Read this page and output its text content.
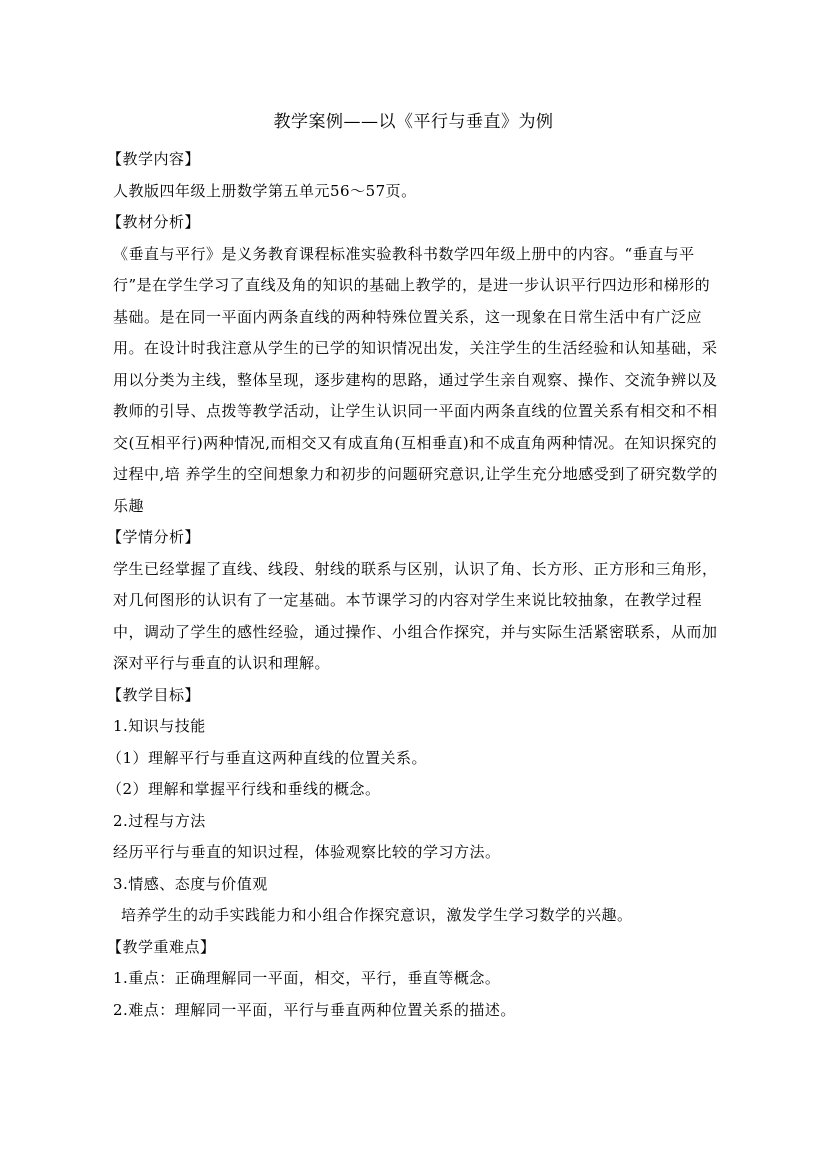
教学案例——以《平行与垂直》为例

【教学内容】

人教版四年级上册数学第五单元56～57页。

【教材分析】

《垂直与平行》是义务教育课程标准实验教科书数学四年级上册中的内容。“垂直与平行”是在学生学习了直线及角的知识的基础上教学的，是进一步认识平行四边形和梯形的基础。是在同一平面内两条直线的两种特殊位置关系，这一现象在日常生活中有广泛应用。在设计时我注意从学生的已学的知识情况出发，关注学生的生活经验和认知基础，采用以分类为主线，整体呈现，逐步建构的思路，通过学生亲自观察、操作、交流争辨以及教师的引导、点拨等教学活动，让学生认识同一平面内两条直线的位置关系有相交和不相交(互相平行)两种情况,而相交又有成直角(互相垂直)和不成直角两种情况。在知识探究的过程中,培 养学生的空间想象力和初步的问题研究意识,让学生充分地感受到了研究数学的乐趣

【学情分析】

学生已经掌握了直线、线段、射线的联系与区别，认识了角、长方形、正方形和三角形，对几何图形的认识有了一定基础。本节课学习的内容对学生来说比较抽象，在教学过程中，调动了学生的感性经验，通过操作、小组合作探究，并与实际生活紧密联系，从而加深对平行与垂直的认识和理解。

【教学目标】

1.知识与技能

（1）理解平行与垂直这两种直线的位置关系。

（2）理解和掌握平行线和垂线的概念。

2.过程与方法

经历平行与垂直的知识过程，体验观察比较的学习方法。

3.情感、态度与价值观

培养学生的动手实践能力和小组合作探究意识，激发学生学习数学的兴趣。

【教学重难点】

1.重点：正确理解同一平面，相交，平行，垂直等概念。

2.难点：理解同一平面，平行与垂直两种位置关系的描述。
